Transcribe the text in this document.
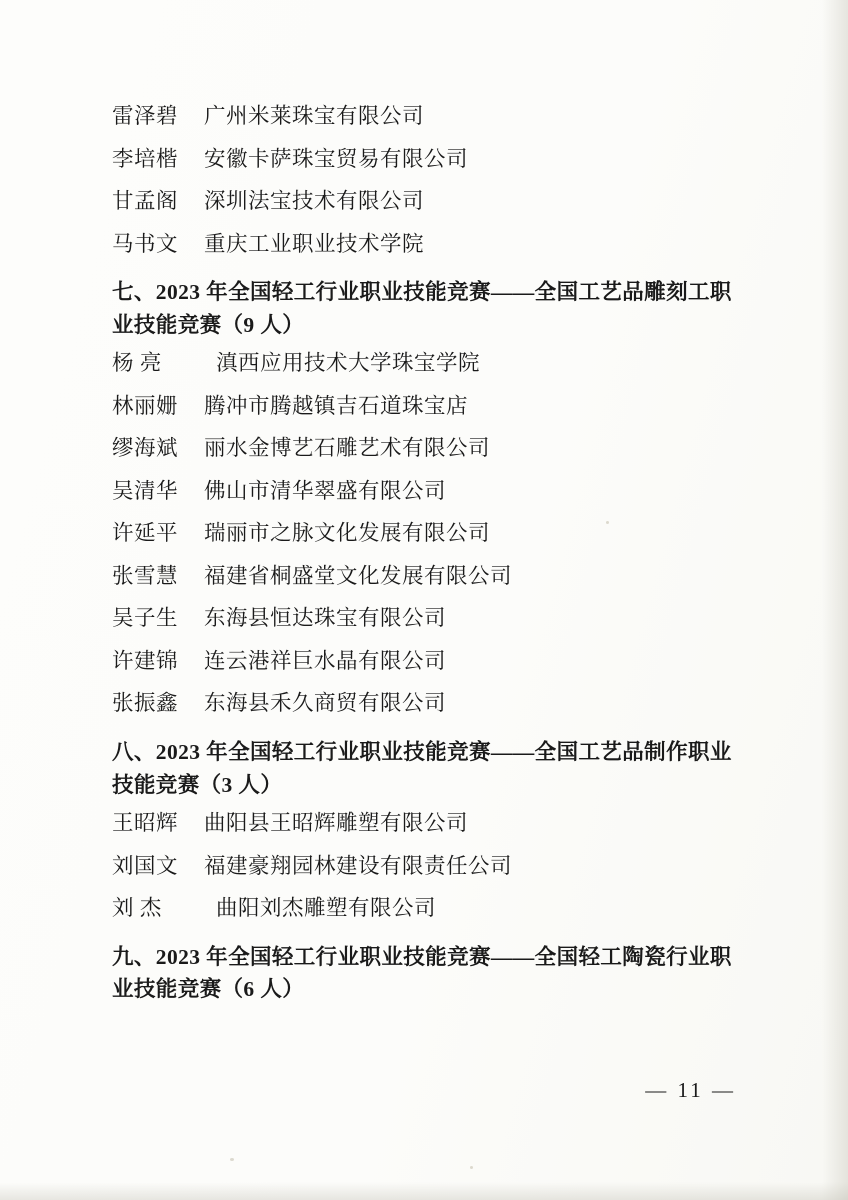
雷泽碧	广州米莱珠宝有限公司
李培楷	安徽卡萨珠宝贸易有限公司
甘孟阁	深圳法宝技术有限公司
马书文	重庆工业职业技术学院
七、2023 年全国轻工行业职业技能竞赛——全国工艺品雕刻工职业技能竞赛（9 人）
杨 亮	滇西应用技术大学珠宝学院
林丽姗	腾冲市腾越镇吉石道珠宝店
缪海斌	丽水金博艺石雕艺术有限公司
吴清华	佛山市清华翠盛有限公司
许延平	瑞丽市之脉文化发展有限公司
张雪慧	福建省桐盛堂文化发展有限公司
吴子生	东海县恒达珠宝有限公司
许建锦	连云港祥巨水晶有限公司
张振鑫	东海县禾久商贸有限公司
八、2023 年全国轻工行业职业技能竞赛——全国工艺品制作职业技能竞赛（3 人）
王昭辉	曲阳县王昭辉雕塑有限公司
刘国文	福建豪翔园林建设有限责任公司
刘 杰	曲阳刘杰雕塑有限公司
九、2023 年全国轻工行业职业技能竞赛——全国轻工陶瓷行业职业技能竞赛（6 人）
— 11 —
